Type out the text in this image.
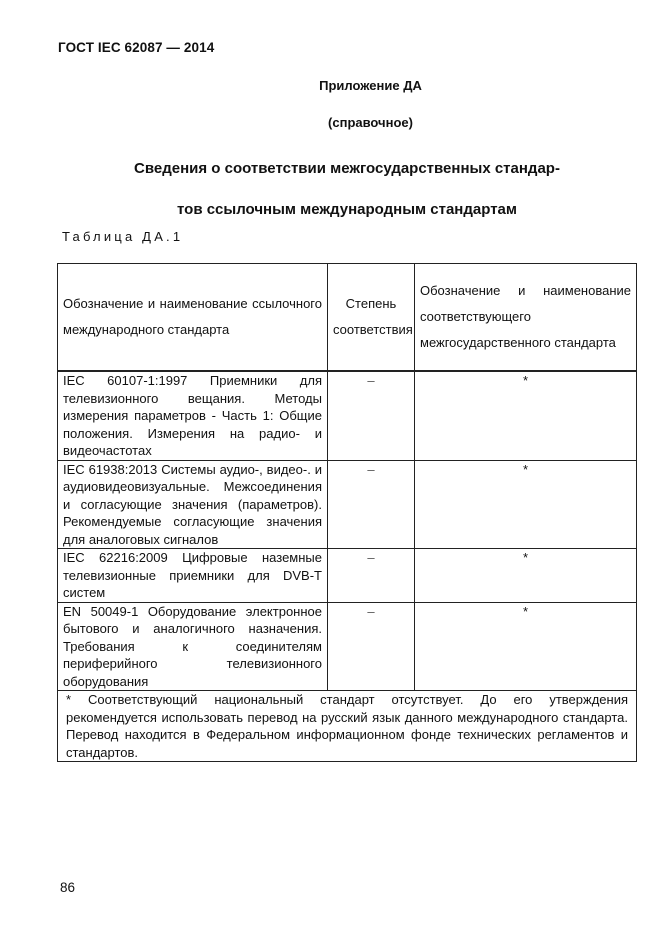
ГОСТ IEC 62087 — 2014
Приложение ДА
(справочное)
Сведения о соответствии межгосударственных стандар-
тов ссылочным международным стандартам
Таблица ДА.1
Обозначение и наименование ссылочного международного стандарта	Степень соответствия	Обозначение и наименование соответствующего межгосударственного стандарта
IEC 60107-1:1997 Приемники для телевизионного вещания. Методы измерения параметров - Часть 1: Общие положения. Измерения на радио- и видеочастотах	–	*
IEC 61938:2013 Системы аудио-, видео-. и аудиовидеовизуальные. Межсоединения и согласующие значения (параметров). Рекомендуемые согласующие значения для аналоговых сигналов	–	*
IEC 62216:2009 Цифровые наземные телевизионные приемники для DVB-T систем	–	*
EN 50049-1 Оборудование электронное бытового и аналогичного назначения. Требования к соединителям периферийного телевизионного оборудования	–	*
* Соответствующий национальный стандарт отсутствует. До его утверждения рекомендуется использовать перевод на русский язык данного международного стандарта. Перевод находится в Федеральном информационном фонде технических регламентов и стандартов.		
86
